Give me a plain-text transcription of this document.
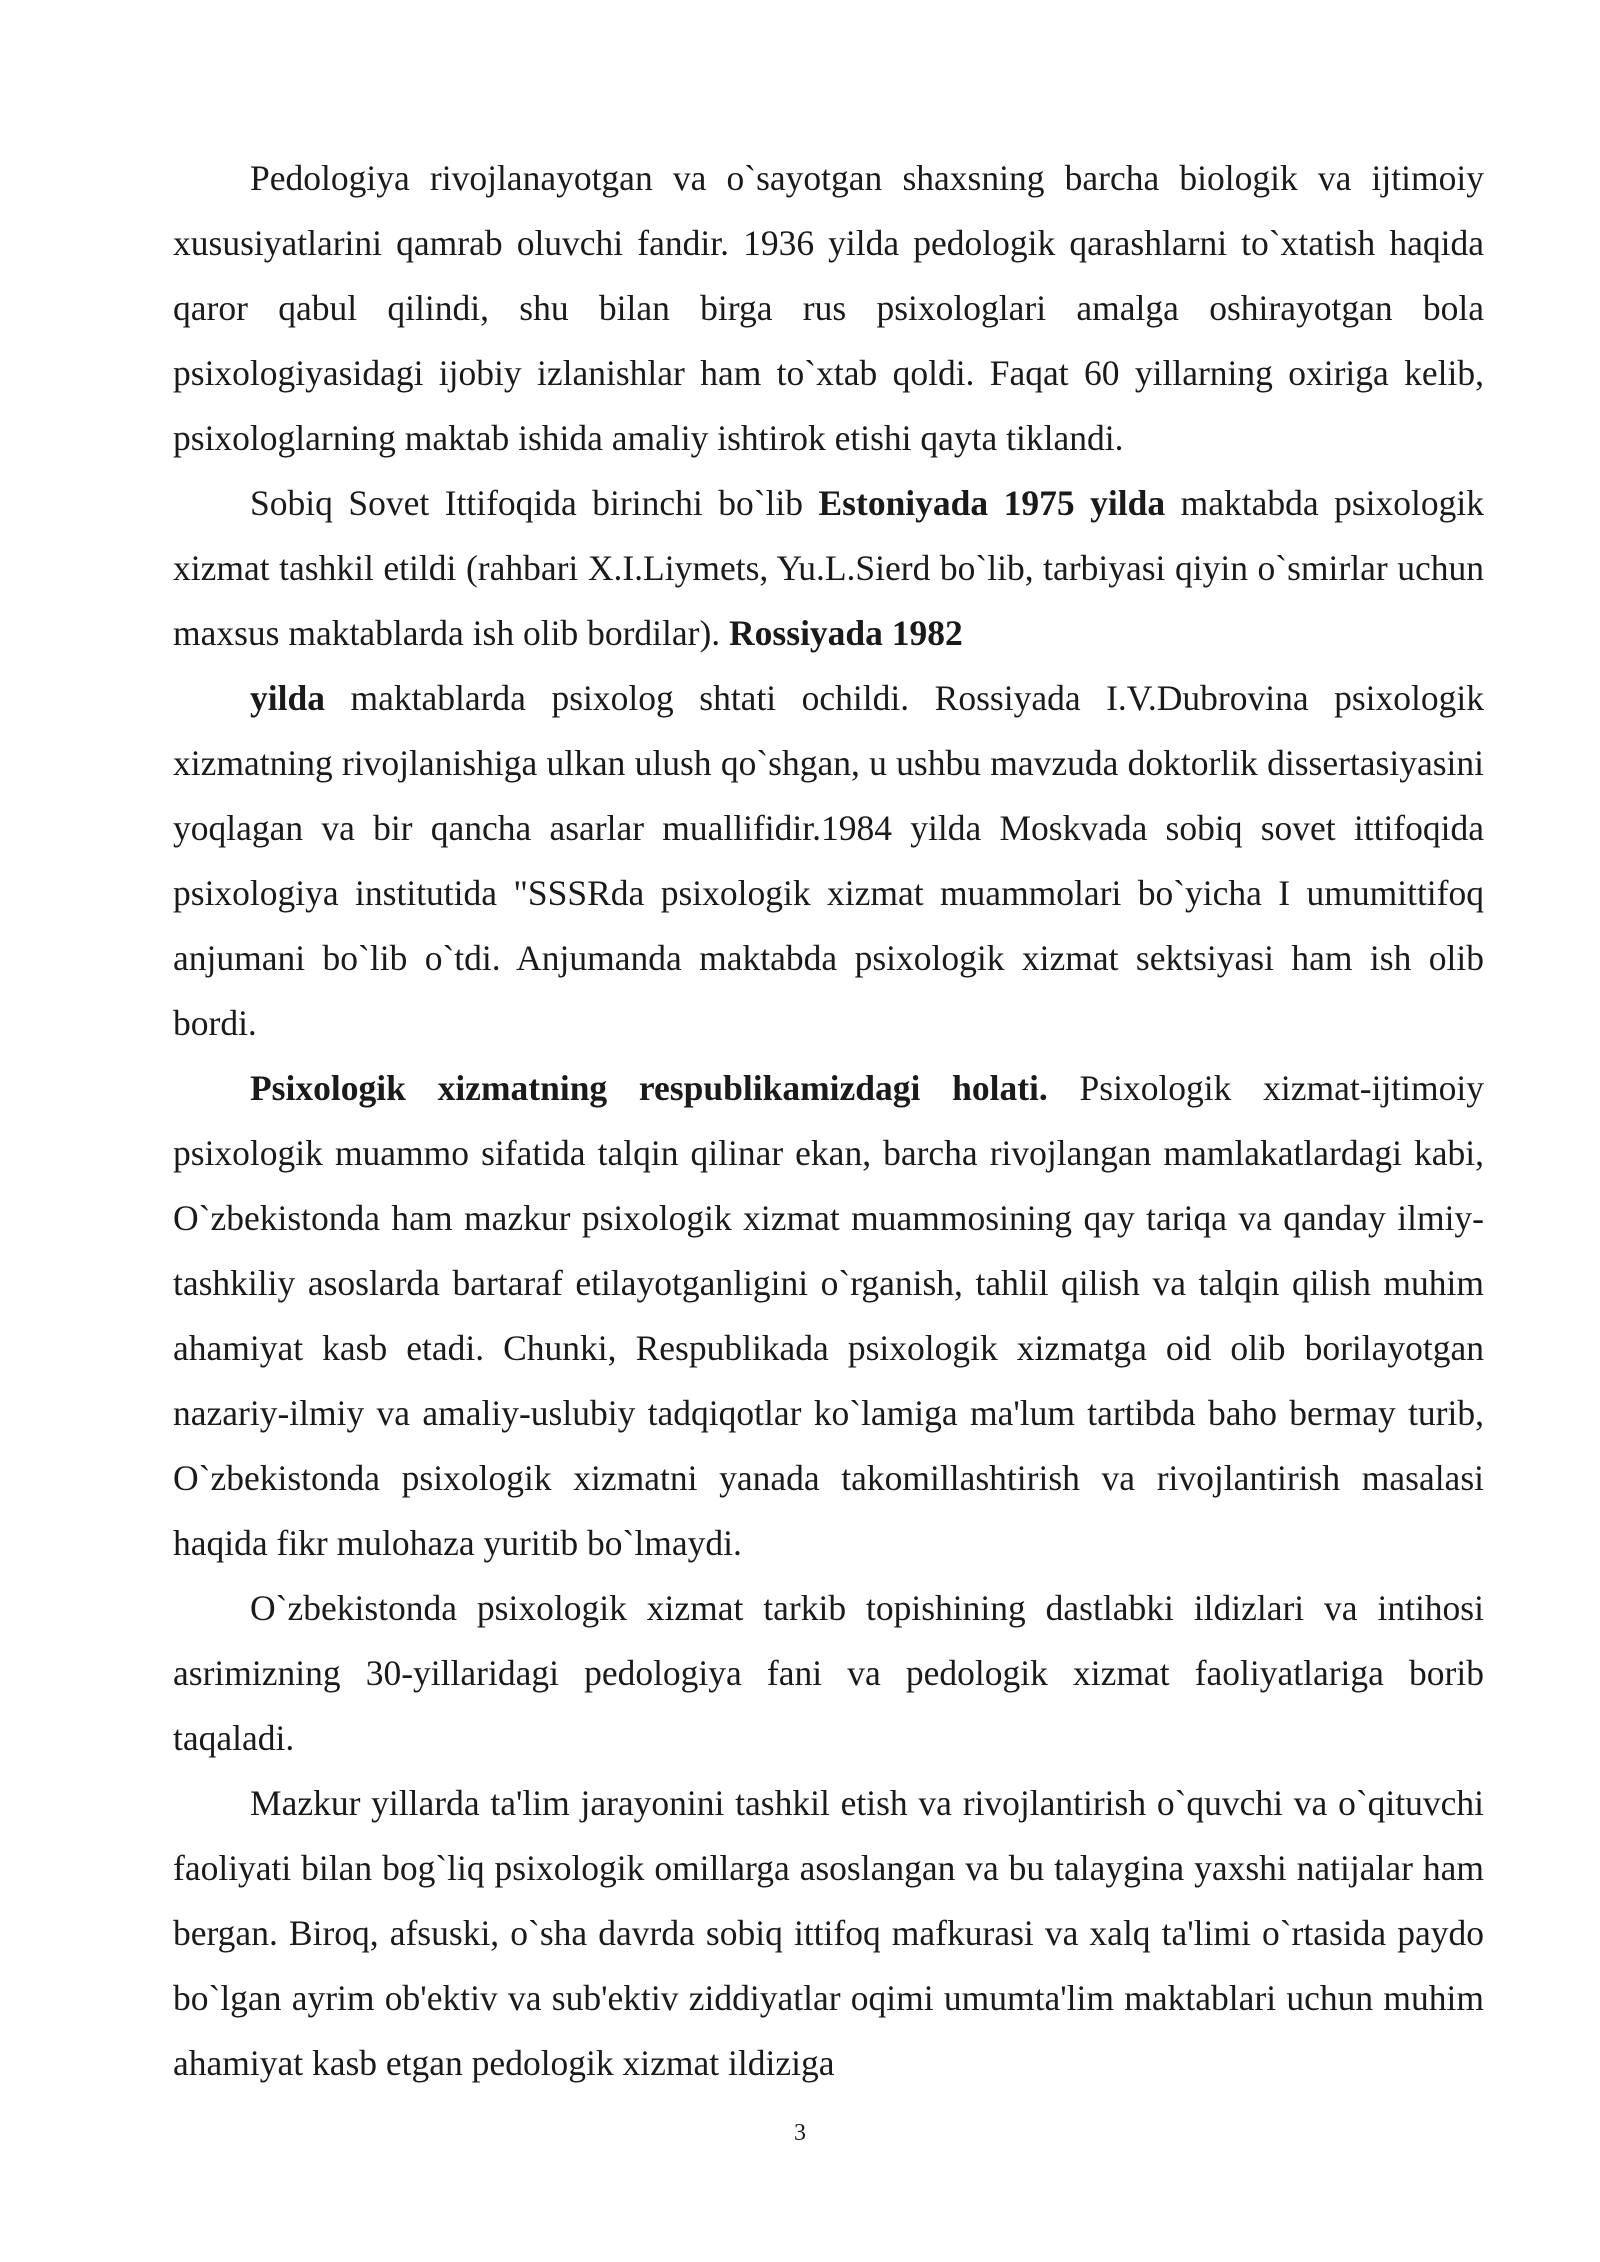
Pedologiya rivojlanayotgan va o`sayotgan shaxsning barcha biologik va ijtimoiy xususiyatlarini qamrab oluvchi fandir. 1936 yilda pedologik qarashlarni to`xtatish haqida qaror qabul qilindi, shu bilan birga rus psixologlari amalga oshirayotgan bola psixologiyasidagi ijobiy izlanishlar ham to`xtab qoldi. Faqat 60 yillarning oxiriga kelib, psixologlarning maktab ishida amaliy ishtirok etishi qayta tiklandi.

Sobiq Sovet Ittifoqida birinchi bo`lib Estoniyada 1975 yilda maktabda psixologik xizmat tashkil etildi (rahbari X.I.Liymets, Yu.L.Sierd bo`lib, tarbiyasi qiyin o`smirlar uchun maxsus maktablarda ish olib bordilar). Rossiyada 1982

yilda maktablarda psixolog shtati ochildi. Rossiyada I.V.Dubrovina psixologik xizmatning rivojlanishiga ulkan ulush qo`shgan, u ushbu mavzuda doktorlik dissertasiyasini yoqlagan va bir qancha asarlar muallifidir.1984 yilda Moskvada sobiq sovet ittifoqida psixologiya institutida "SSSRda psixologik xizmat muammolari bo`yicha I umumittifoq anjumani bo`lib o`tdi. Anjumanda maktabda psixologik xizmat sektsiyasi ham ish olib bordi.

Psixologik xizmatning respublikamizdagi holati. Psixologik xizmat-ijtimoiy psixologik muammo sifatida talqin qilinar ekan, barcha rivojlangan mamlakatlardagi kabi, O`zbekistonda ham mazkur psixologik xizmat muammosining qay tariqa va qanday ilmiy-tashkiliy asoslarda bartaraf etilayotganligini o`rganish, tahlil qilish va talqin qilish muhim ahamiyat kasb etadi. Chunki, Respublikada psixologik xizmatga oid olib borilayotgan nazariy-ilmiy va amaliy-uslubiy tadqiqotlar ko`lamiga ma'lum tartibda baho bermay turib, O`zbekistonda psixologik xizmatni yanada takomillashtirish va rivojlantirish masalasi haqida fikr mulohaza yuritib bo`lmaydi.

O`zbekistonda psixologik xizmat tarkib topishining dastlabki ildizlari va intihosi asrimizning 30-yillaridagi pedologiya fani va pedologik xizmat faoliyatlariga borib taqaladi.

Mazkur yillarda ta'lim jarayonini tashkil etish va rivojlantirish o`quvchi va o`qituvchi faoliyati bilan bog`liq psixologik omillarga asoslangan va bu talaygina yaxshi natijalar ham bergan. Biroq, afsuski, o`sha davrda sobiq ittifoq mafkurasi va xalq ta'limi o`rtasida paydo bo`lgan ayrim ob'ektiv va sub'ektiv ziddiyatlar oqimi umumta'lim maktablari uchun muhim ahamiyat kasb etgan pedologik xizmat ildiziga

3
